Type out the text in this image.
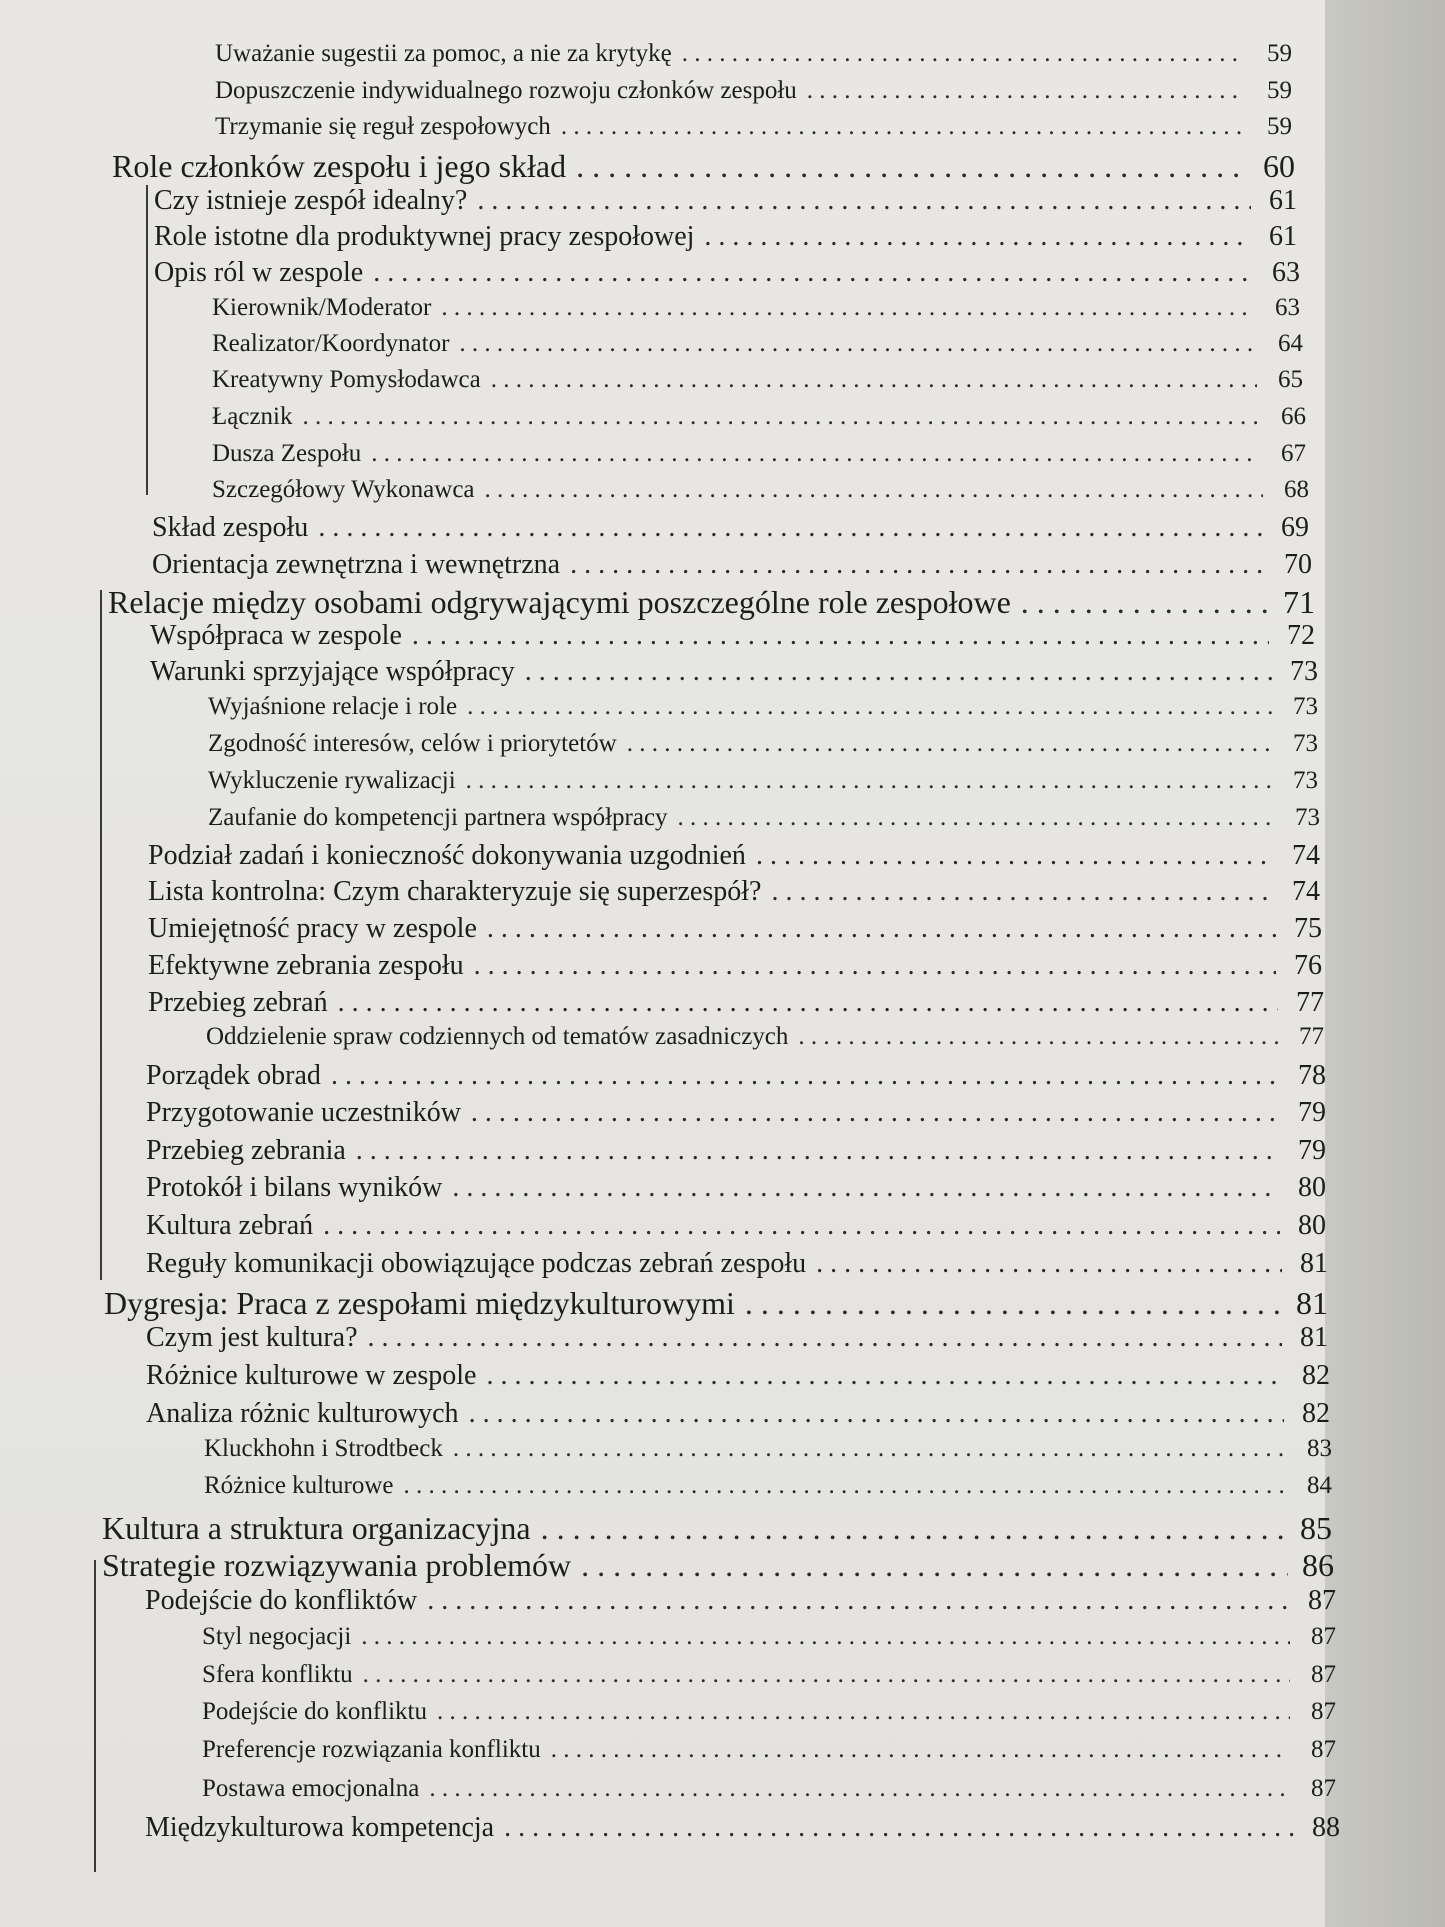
Uważanie sugestii za pomoc, a nie za krytykę . . .	59
Dopuszczenie indywidualnego rozwoju członków zespołu . . .	59
Trzymanie się reguł zespołowych . . .	59
Role członków zespołu i jego skład . . .	60
Czy istnieje zespół idealny? . . .	61
Role istotne dla produktywnej pracy zespołowej . . .	61
Opis ról w zespole . . .	63
Kierownik/Moderator . . .	63
Realizator/Koordynator . . .	64
Kreatywny Pomysłodawca . . .	65
Łącznik . . .	66
Dusza Zespołu . . .	67
Szczegółowy Wykonawca . . .	68
Skład zespołu . . .	69
Orientacja zewnętrzna i wewnętrzna . . .	70
Relacje między osobami odgrywającymi poszczególne role zespołowe . . .	71
Współpraca w zespole . . .	72
Warunki sprzyjające współpracy . . .	73
Wyjaśnione relacje i role . . .	73
Zgodność interesów, celów i priorytetów . . .	73
Wykluczenie rywalizacji . . .	73
Zaufanie do kompetencji partnera współpracy . . .	73
Podział zadań i konieczność dokonywania uzgodnień . . .	74
Lista kontrolna: Czym charakteryzuje się superzespół? . . .	74
Umiejętność pracy w zespole . . .	75
Efektywne zebrania zespołu . . .	76
Przebieg zebrań . . .	77
Oddzielenie spraw codziennych od tematów zasadniczych . . .	77
Porządek obrad . . .	78
Przygotowanie uczestników . . .	79
Przebieg zebrania . . .	79
Protokół i bilans wyników . . .	80
Kultura zebrań . . .	80
Reguły komunikacji obowiązujące podczas zebrań zespołu . . .	81
Dygresja: Praca z zespołami międzykulturowymi . . .	81
Czym jest kultura? . . .	81
Różnice kulturowe w zespole . . .	82
Analiza różnic kulturowych . . .	82
Kluckhohn i Strodtbeck . . .	83
Różnice kulturowe . . .	84
Kultura a struktura organizacyjna . . .	85
Strategie rozwiązywania problemów . . .	86
Podejście do konfliktów . . .	87
Styl negocjacji . . .	87
Sfera konfliktu . . .	87
Podejście do konfliktu . . .	87
Preferencje rozwiązania konfliktu . . .	87
Postawa emocjonalna . . .	87
Międzykulturowa kompetencja . . .	88
